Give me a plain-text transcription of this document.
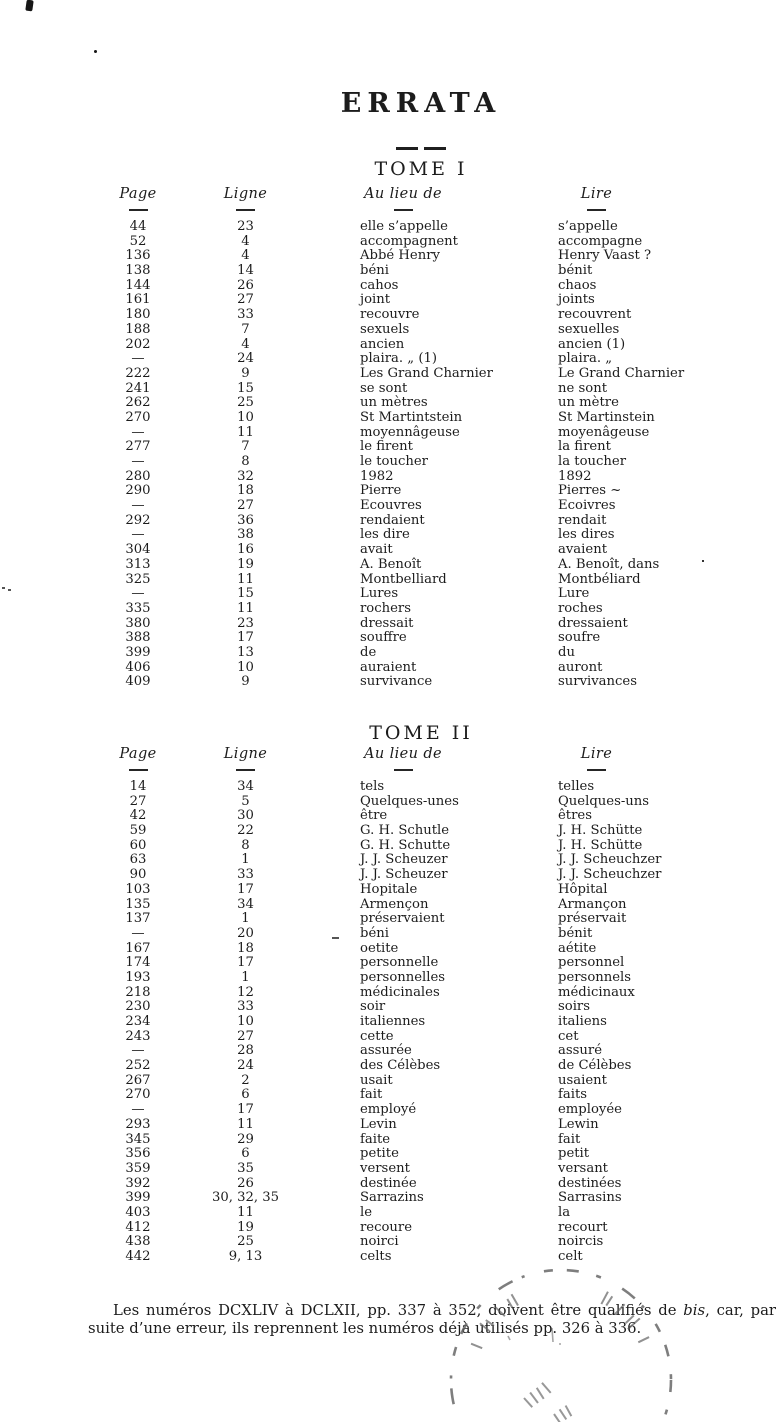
ERRATA
TOME I
Page	Ligne	Au lieu de	Lire
44	23	elle s’appelle	s’appelle
52	4	accompagnent	accompagne
136	4	Abbé Henry	Henry Vaast ?
138	14	béni	bénit
144	26	cahos	chaos
161	27	joint	joints
180	33	recouvre	recouvrent
188	7	sexuels	sexuelles
202	4	ancien	ancien (1)
—	24	plaira. „ (1)	plaira. „
222	9	Les Grand Charnier	Le Grand Charnier
241	15	se sont	ne sont
262	25	un mètres	un mètre
270	10	St Martintstein	St Martinstein
—	11	moyennâgeuse	moyenâgeuse
277	7	le firent	la firent
—	8	le toucher	la toucher
280	32	1982	1892
290	18	Pierre	Pierres ~
—	27	Ecouvres	Ecoivres
292	36	rendaient	rendait
—	38	les dire	les dires
304	16	avait	avaient
313	19	A. Benoît	A. Benoît, dans
325	11	Montbelliard	Montbéliard
—	15	Lures	Lure
335	11	rochers	roches
380	23	dressait	dressaient
388	17	souffre	soufre
399	13	de	du
406	10	auraient	auront
409	9	survivance	survivances
TOME II
Page	Ligne	Au lieu de	Lire
14	34	tels	telles
27	5	Quelques-unes	Quelques-uns
42	30	être	êtres
59	22	G. H. Schutle	J. H. Schütte
60	8	G. H. Schutte	J. H. Schütte
63	1	J. J. Scheuzer	J. J. Scheuchzer
90	33	J. J. Scheuzer	J. J. Scheuchzer
103	17	Hopitale	Hôpital
135	34	Armençon	Armançon
137	1	préservaient	préservait
—	20	béni	bénit
167	18	oetite	aétite
174	17	personnelle	personnel
193	1	personnelles	personnels
218	12	médicinales	médicinaux
230	33	soir	soirs
234	10	italiennes	italiens
243	27	cette	cet
—	28	assurée	assuré
252	24	des Célèbes	de Célèbes
267	2	usait	usaient
270	6	fait	faits
—	17	employé	employée
293	11	Levin	Lewin
345	29	faite	fait
356	6	petite	petit
359	35	versent	versant
392	26	destinée	destinées
399	30, 32, 35	Sarrazins	Sarrasins
403	11	le	la
412	19	recoure	recourt
438	25	noirci	noircis
442	9, 13	celts	celt

Les numéros DCXLIV à DCLXII, pp. 337 à 352, doivent être qualifiés de bis, car, par suite d’une erreur, ils reprennent les numéros déjà utilisés pp. 326 à 336.
